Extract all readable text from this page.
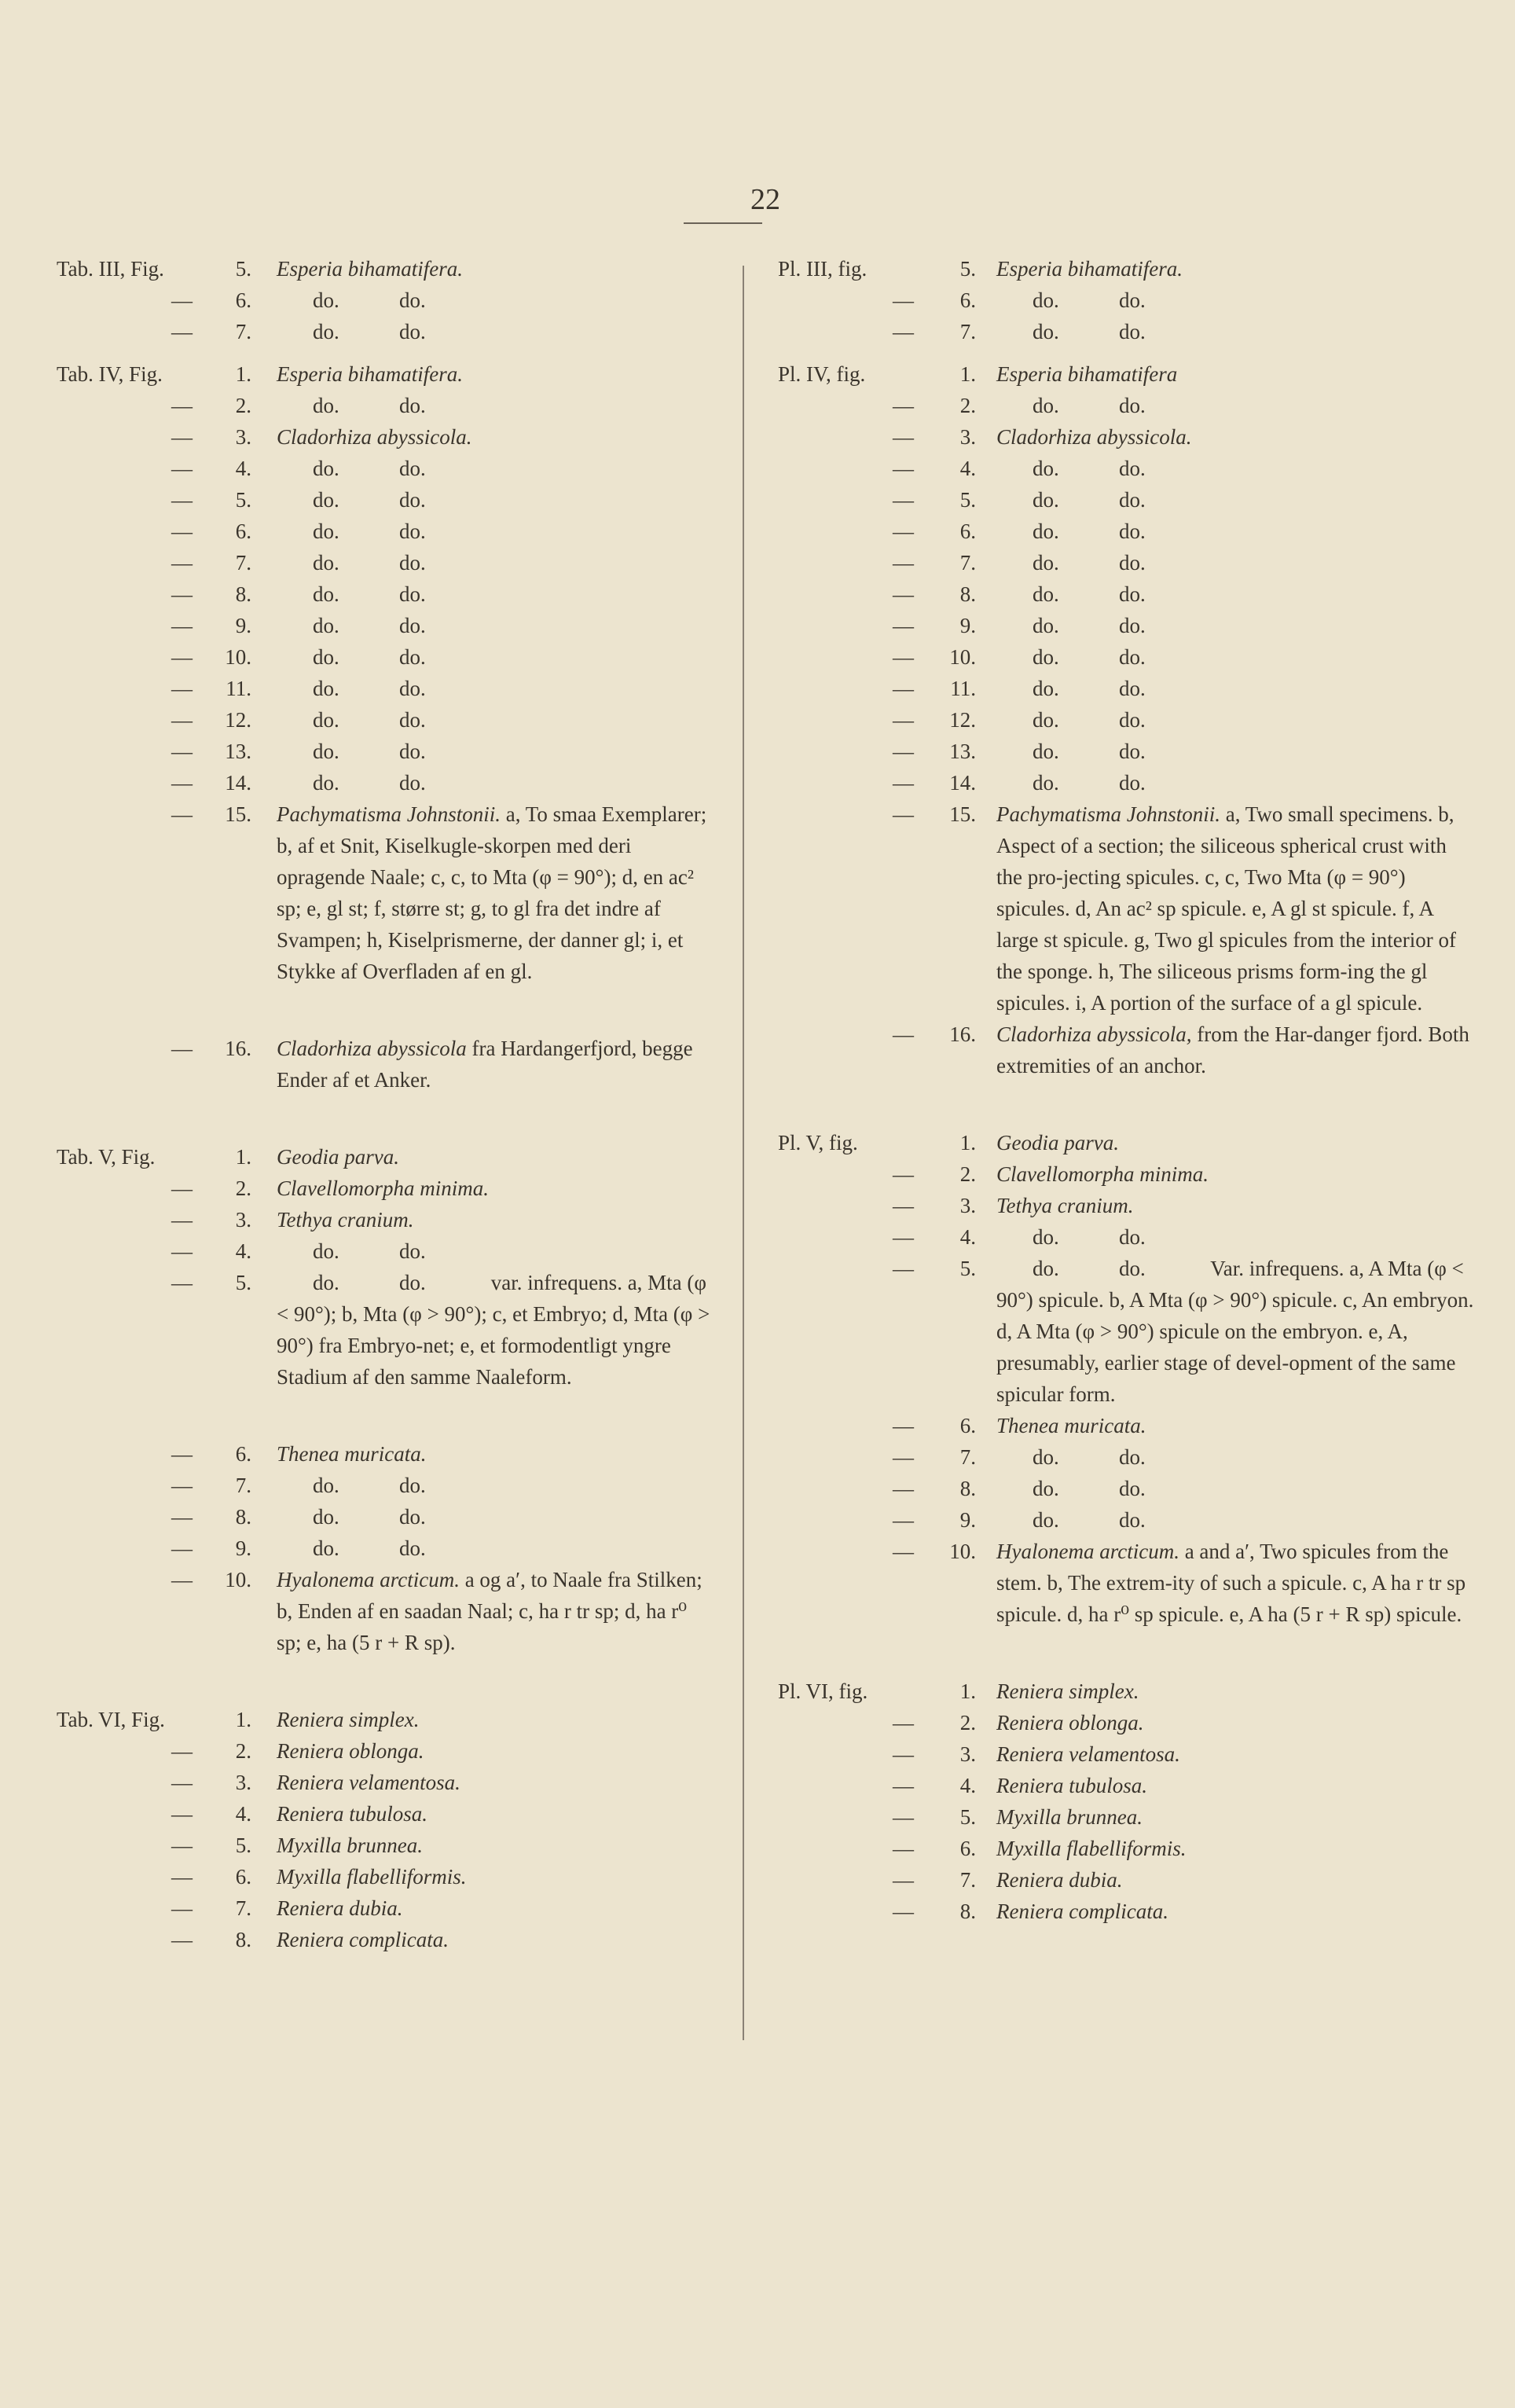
22
Tab. III, Fig.	5. Esperia bihamatifera.
—	6.	do.	do.
—	7.	do.	do.
Tab. IV, Fig.	1. Esperia bihamatifera.
—	2.	do.	do.
—	3. Cladorhiza abyssicola.
—	4.	do.	do.
—	5.	do.	do.
—	6.	do.	do.
—	7.	do.	do.
—	8.	do.	do.
—	9.	do.	do.
—	10.	do.	do.
—	11.	do.	do.
—	12.	do.	do.
—	13.	do.	do.
—	14.	do.	do.
—	15. Pachymatisma Johnstonii. a, To smaa Exemplarer; b, af et Snit, Kiselkugle-skorpen med deri opragende Naale; c, c, to Mta (φ = 90°); d, en ac² sp; e, gl st; f, større st; g, to gl fra det indre af Svampen; h, Kiselprismerne, der danner gl; i, et Stykke af Overfladen af en gl.
—	16. Cladorhiza abyssicola fra Hardangerfjord, begge Ender af et Anker.
Tab. V, Fig.	1. Geodia parva.
—	2. Clavellomorpha minima.
—	3. Tethya cranium.
—	4.	do.	do.
—	5.	do.	do.	var. infrequens. a, Mta (φ < 90°); b, Mta (φ > 90°); c, et Embryo; d, Mta (φ > 90°) fra Embryo-net; e, et formodentligt yngre Stadium af den samme Naaleform.
—	6. Thenea muricata.
—	7.	do.	do.
—	8.	do.	do.
—	9.	do.	do.
—	10. Hyalonema arcticum. a og a′, to Naale fra Stilken; b, Enden af en saadan Naal; c, ha r tr sp; d, ha r⁰ sp; e, ha (5 r + R sp).
Tab. VI, Fig.	1. Reniera simplex.
—	2. Reniera oblonga.
—	3. Reniera velamentosa.
—	4. Reniera tubulosa.
—	5. Myxilla brunnea.
—	6. Myxilla flabelliformis.
—	7. Reniera dubia.
—	8. Reniera complicata.
Pl. III, fig.	5. Esperia bihamatifera.
—	6.	do.	do.
—	7.	do.	do.
Pl. IV, fig.	1. Esperia bihamatifera
—	2.	do.	do.
—	3. Cladorhiza abyssicola.
—	4.	do.	do.
—	5.	do.	do.
—	6.	do.	do.
—	7.	do.	do.
—	8.	do.	do.
—	9.	do.	do.
—	10.	do.	do.
—	11.	do.	do.
—	12.	do.	do.
—	13.	do.	do.
—	14.	do.	do.
—	15. Pachymatisma Johnstonii. a, Two small specimens. b, Aspect of a section; the siliceous spherical crust with the pro-jecting spicules. c, c, Two Mta (φ = 90°) spicules. d, An ac² sp spicule. e, A gl st spicule. f, A large st spicule. g, Two gl spicules from the interior of the sponge. h, The siliceous prisms form-ing the gl spicules. i, A portion of the surface of a gl spicule.
—	16. Cladorhiza abyssicola, from the Har-danger fjord. Both extremities of an anchor.
Pl. V, fig.	1. Geodia parva.
—	2. Clavellomorpha minima.
—	3. Tethya cranium.
—	4.	do.	do.
—	5.	do.	do.	Var. infrequens. a, A Mta (φ < 90°) spicule. b, A Mta (φ > 90°) spicule. c, An embryon. d, A Mta (φ > 90°) spicule on the embryon. e, A, presumably, earlier stage of devel-opment of the same spicular form.
—	6. Thenea muricata.
—	7.	do.	do.
—	8.	do.	do.
—	9.	do.	do.
—	10. Hyalonema arcticum. a and a′, Two spicules from the stem. b, The extrem-ity of such a spicule. c, A ha r tr sp spicule. d, ha r⁰ sp spicule. e, A ha (5 r + R sp) spicule.
Pl. VI, fig.	1. Reniera simplex.
—	2. Reniera oblonga.
—	3. Reniera velamentosa.
—	4. Reniera tubulosa.
—	5. Myxilla brunnea.
—	6. Myxilla flabelliformis.
—	7. Reniera dubia.
—	8. Reniera complicata.
